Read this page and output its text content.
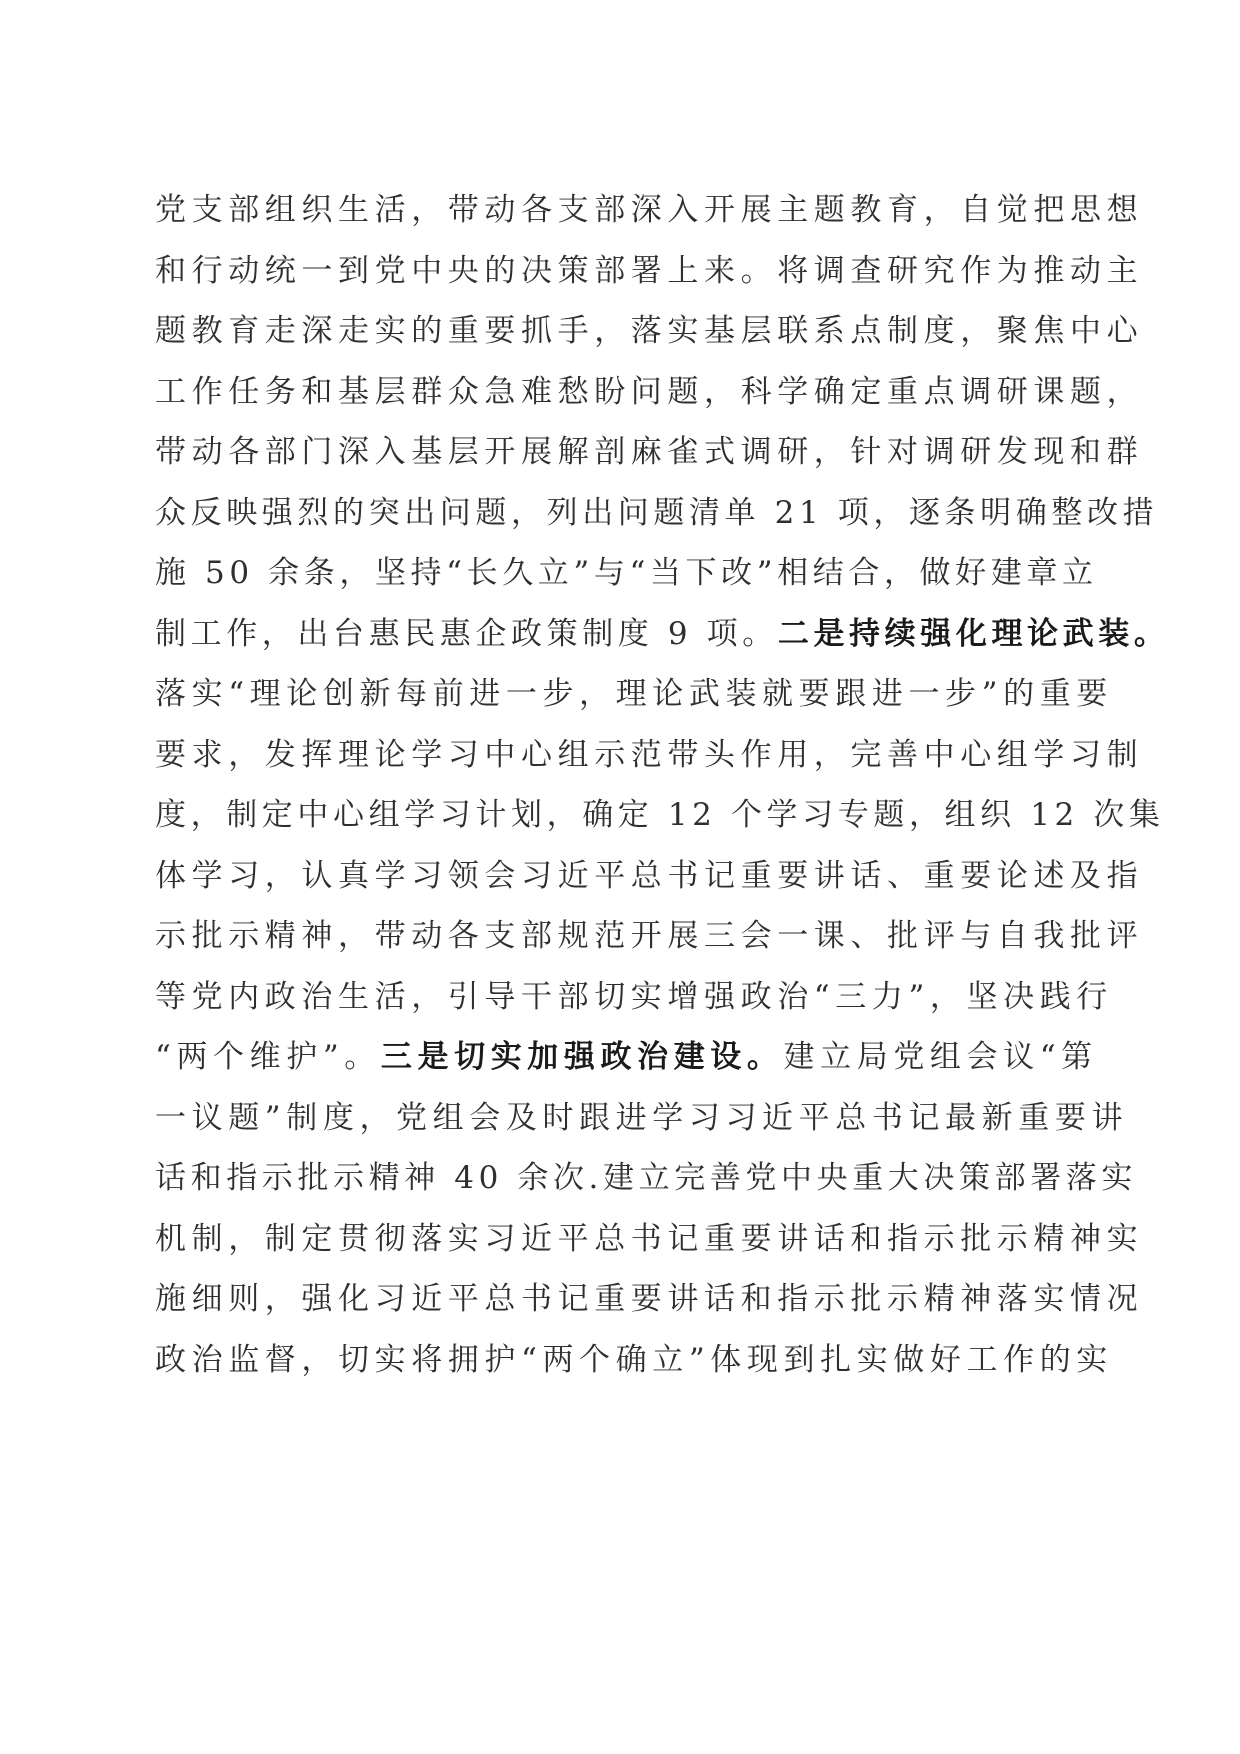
党支部组织生活，带动各支部深入开展主题教育，自觉把思想
和行动统一到党中央的决策部署上来。将调查研究作为推动主
题教育走深走实的重要抓手，落实基层联系点制度，聚焦中心
工作任务和基层群众急难愁盼问题，科学确定重点调研课题，
带动各部门深入基层开展解剖麻雀式调研，针对调研发现和群
众反映强烈的突出问题，列出问题清单 21 项，逐条明确整改措
施 50 余条，坚持“长久立”与“当下改”相结合，做好建章立
制工作，出台惠民惠企政策制度 9 项。二是持续强化理论武装。
落实“理论创新每前进一步，理论武装就要跟进一步”的重要
要求，发挥理论学习中心组示范带头作用，完善中心组学习制
度，制定中心组学习计划，确定 12 个学习专题，组织 12 次集
体学习，认真学习领会习近平总书记重要讲话、重要论述及指
示批示精神，带动各支部规范开展三会一课、批评与自我批评
等党内政治生活，引导干部切实增强政治“三力”，坚决践行
“两个维护”。三是切实加强政治建设。建立局党组会议“第
一议题”制度，党组会及时跟进学习习近平总书记最新重要讲
话和指示批示精神 40 余次.建立完善党中央重大决策部署落实
机制，制定贯彻落实习近平总书记重要讲话和指示批示精神实
施细则，强化习近平总书记重要讲话和指示批示精神落实情况
政治监督，切实将拥护“两个确立”体现到扎实做好工作的实
